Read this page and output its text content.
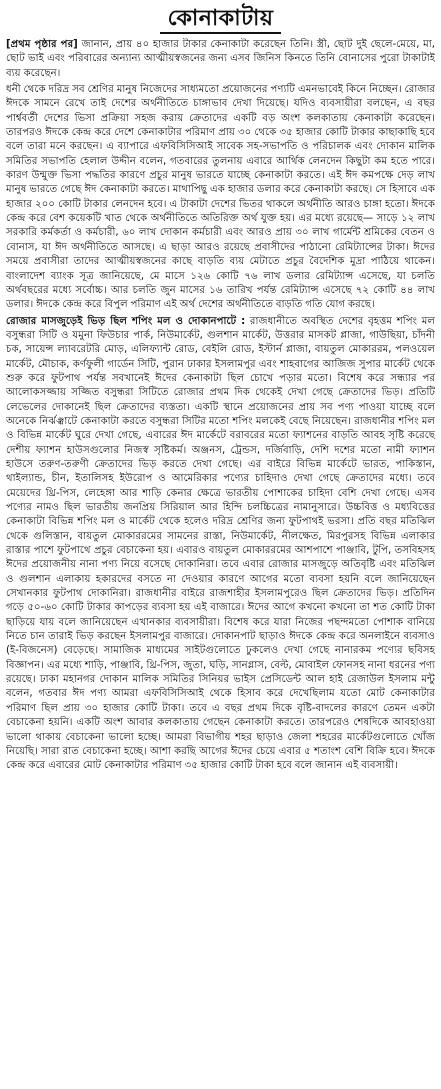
কোনাকাটায়

[প্রথম পৃষ্ঠার পর] জানান, প্রায় ৪০ হাজার টাকার কেনাকাটা করেছেন তিনি। স্ত্রী, ছোট দুই ছেলে-মেয়ে, মা, ছোট ভাই এবং পরিবারের অন্যান্য আত্মীয়স্বজনের জন্য এসব জিনিস কিনতে তিনি বোনাসের পুরো টাকাটাই ব্যয় করেছেন।

ধনী থেকে দরিদ্র সব শ্রেণির মানুষ নিজেদের সাধ্যমতো প্রয়োজনের পণ্যটি এমনভাবেই কিনে নিচ্ছেন। রোজার ঈদকে সামনে রেখে তাই দেশের অর্থনীতিতে চাঙ্গাভাব দেখা দিয়েছে। যদিও ব্যবসায়ীরা বলছেন, এ বছর পার্শ্ববর্তী দেশের ভিসা প্রক্রিয়া সহজ করায় ক্রেতাদের একটি বড় অংশ কলকাতায় কেনাকাটা করেছেন। তারপরও ঈদকে কেন্দ্র করে দেশে কেনাকাটার পরিমাণ প্রায় ৩০ থেকে ৩৫ হাজার কোটি টাকার কাছাকাছি হবে বলে তারা মনে করছেন। এ ব্যাপারে এফবিসিসিআই সাবেক সহ-সভাপতি ও পরিচালক এবং দোকান মালিক সমিতির সভাপতি হেলাল উদ্দীন বলেন, গতবারের তুলনায় এবারে আর্থিক লেনদেন কিছুটা কম হতে পারে। কারণ উন্মুক্ত ভিসা পদ্ধতির কারণে প্রচুর মানুষ ভারতে যাচ্ছে কেনাকাটা করতে। এই ঈদ কমপক্ষে দেড় লাখ মানুষ ভারতে গেছে ঈদ কেনাকাটা করতে। মাথাপিছু এক হাজার ডলার করে কেনাকাটা করছে। সে হিসাবে এক হাজার ২০০ কোটি টাকার লেনদেন হবে। এ টাকাটা দেশের ভিতর থাকলে অর্থনীতি আরও চাঙ্গা হতো। ঈদকে কেন্দ্র করে বেশ কয়েকটি খাত থেকে অর্থনীতিতে অতিরিক্ত অর্থ যুক্ত হয়। এর মধ্যে রয়েছে— সাড়ে ১২ লাখ সরকারি কর্মকর্তা ও কর্মচারী, ৬০ লাখ দোকান কর্মচারী এবং আরও প্রায় ৩০ লাখ গার্মেন্ট শ্রমিকের বেতন ও বোনাস, যা ঈদ অর্থনীতিতে আসছে। এ ছাড়া আরও রয়েছে প্রবাসীদের পাঠানো রেমিট্যান্সের টাকা। ঈদের সময়ে প্রবাসীরা তাদের আত্মীয়স্বজনের কাছে বাড়তি ব্যয় মেটাতে প্রচুর বৈদেশিক মুদ্রা পাঠিয়ে থাকেন। বাংলাদেশ ব্যাংক সূত্র জানিয়েছে, মে মাসে ১২৬ কোটি ৭৬ লাখ ডলার রেমিট্যান্স এসেছে, যা চলতি অর্থবছরের মধ্যে সর্বোচ্চ। আর চলতি জুন মাসের ১৬ তারিখ পর্যন্ত রেমিট্যান্স এসেছে ৭২ কোটি ৪৪ লাখ ডলার। ঈদকে কেন্দ্র করে বিপুল পরিমাণ এই অর্থ দেশের অর্থনীতিতে বাড়তি গতি যোগ করছে।

রোজার মাসজুড়েই ভিড় ছিল শপিং মল ও দোকানপাটে : রাজধানীতে অবস্থিত দেশের বৃহত্তম শপিং মল বসুন্ধরা সিটি ও যমুনা ফিউচার পার্ক, নিউমার্কেট, গুলশান মার্কেট, উত্তরার মাসকট প্লাজা, গাউছিয়া, চাঁদনী চক, সায়েন্স ল্যাবরেটরি মোড়, এলিফ্যান্ট রোড, বেইলি রোড, ইস্টার্ন প্লাজা, বায়তুল মোকাররম, পলওয়েল মার্কেট, মৌচাক, কর্ণফুলী গার্ডেন সিটি, পুরান ঢাকার ইসলামপুর এবং শাহবাগের আজিজ সুপার মার্কেট থেকে শুরু করে ফুটপাথ পর্যন্ত সবখানেই ঈদের কেনাকাটা ছিল চোখে পড়ার মতো। বিশেষ করে সন্ধ্যার পর আলোকসজ্জায় সজ্জিত বসুন্ধরা সিটিতে রোজার প্রথম দিক থেকেই দেখা গেছে ক্রেতাদের ভিড়। প্রতিটি লেভেলের দোকানেই ছিল ক্রেতাদের ব্যস্ততা। একটি স্থানে প্রয়োজনের প্রায় সব পণ্য পাওয়া যাচ্ছে বলে অনেকে নির্ঝঞ্ঝাটে কেনাকাটা করতে বসুন্ধরা সিটির মতো শপিং মলকেই বেছে নিয়েছেন। রাজধানীর শপিং মল ও বিভিন্ন মার্কেট ঘুরে দেখা গেছে, এবারের ঈদ মার্কেটে বরাবরের মতো ফ্যাশনের বাড়তি আবহ সৃষ্টি করেছে দেশীয় ফ্যাশন হাউসগুলোর নিজস্ব সৃষ্টিকর্ম। অঞ্জনস, ট্রেন্ডস, দর্জিবাড়ি, দেশি দশের মতো নামী ফ্যাশন হাউসে তরুণ-তরুণী ক্রেতাদের ভিড় করতে দেখা গেছে। এর বাইরে বিভিন্ন মার্কেটে ভারত, পাকিস্তান, থাইল্যান্ড, চীন, ইতালিসহ ইউরোপ ও আমেরিকার পণ্যের চাহিদাও দেখা গেছে ক্রেতাদের মধ্যে। তবে মেয়েদের থ্রি-পিস, লেহেঙ্গা আর শাড়ি কেনার ক্ষেত্রে ভারতীয় পোশাকের চাহিদা বেশি দেখা গেছে। এসব পণ্যের নামও ছিল ভারতীয় জনপ্রিয় সিরিয়াল আর হিন্দি চলচ্চিত্রের নামানুসারে। উচ্চবিত্ত ও মধ্যবিত্তের কেনাকাটা বিভিন্ন শপিং মল ও মার্কেট থেকে হলেও দরিদ্র শ্রেণির জন্য ফুটপাথই ভরসা। প্রতি বছর মতিঝিল থেকে গুলিস্তান, বায়তুল মোকাররমের সামনের রাস্তা, নিউমার্কেট, নীলক্ষেত, মিরপুরসহ বিভিন্ন এলাকার রাস্তার পাশে ফুটপাথে প্রচুর বেচাকেনা হয়। এবারও বায়তুল মোকাররমের আশপাশে পাঞ্জাবি, টুপি, তসবিহসহ ঈদের প্রয়োজনীয় নানা পণ্য নিয়ে বসেছে দোকানিরা। তবে এবার রোজার মাসজুড়ে অতিবৃষ্টি এবং মতিঝিল ও গুলশান এলাকায় হকারদের বসতে না দেওয়ার কারণে আগের মতো ব্যবসা হয়নি বলে জানিয়েছেন সেখানকার ফুটপাথ দোকানিরা। রাজধানীর বাইরে রাজশাহীর ইসলামপুরেও ছিল ক্রেতাদের ভিড়। প্রতিদিন গড়ে ৫০-৬০ কোটি টাকার কাপড়ের ব্যবসা হয় এই বাজারে। ঈদের আগে কখনো কখনো তা শত কোটি টাকা ছাড়িয়ে যায় বলে জানিয়েছেন এখানকার ব্যবসায়ীরা। বিশেষ করে যারা নিজের পছন্দমতো পোশাক বানিয়ে নিতে চান তারাই ভিড় করছেন ইসলামপুর বাজারে। দোকানপাট ছাড়াও ঈদকে কেন্দ্র করে অনলাইনে ব্যবসাও (ই-বিজনেস) বেড়েছে। সামাজিক মাধ্যমের সাইটগুলোতে ঢুকলেও দেখা গেছে নানারকম পণ্যের ছবিসহ বিজ্ঞাপন। এর মধ্যে শাড়ি, পাঞ্জাবি, থ্রি-পিস, জুতা, ঘড়ি, সানগ্লাস, বেল্ট, মোবাইল ফোনসহ নানা ধরনের পণ্য রয়েছে। ঢাকা মহানগর দোকান মালিক সমিতির সিনিয়র ভাইস প্রেসিডেন্ট আল হাই রেজাউল ইসলাম মন্টু বলেন, গতবার ঈদ পণ্য আমরা এফবিসিসিআই থেকে হিসাব করে দেখেছিলাম যতো মোট কেনাকাটার পরিমাণ ছিল প্রায় ৩০ হাজার কোটি টাকা। তবে এ বছর প্রথম দিকে বৃষ্টি-বাদলের কারণে তেমন একটা বেচাকেনা হয়নি। একটি অংশ আবার কলকাতায় গেছেন কেনাকাটা করতে। তারপরেও শেষদিকে আবহাওয়া ভালো থাকায় বেচাকেনা ভালো হচ্ছে। আমরা বিভাগীয় শহর ছাড়াও জেলা শহরের মার্কেটগুলোতে খোঁজ নিয়েছি। সারা রাত বেচাকেনা হচ্ছে। আশা করছি আগের ঈদের চেয়ে এবার ৫ শতাংশ বেশি বিক্রি হবে। ঈদকে কেন্দ্র করে এবারের মোট কেনাকাটার পরিমাণ ৩৫ হাজার কোটি টাকা হবে বলে জানান এই ব্যবসায়ী।
